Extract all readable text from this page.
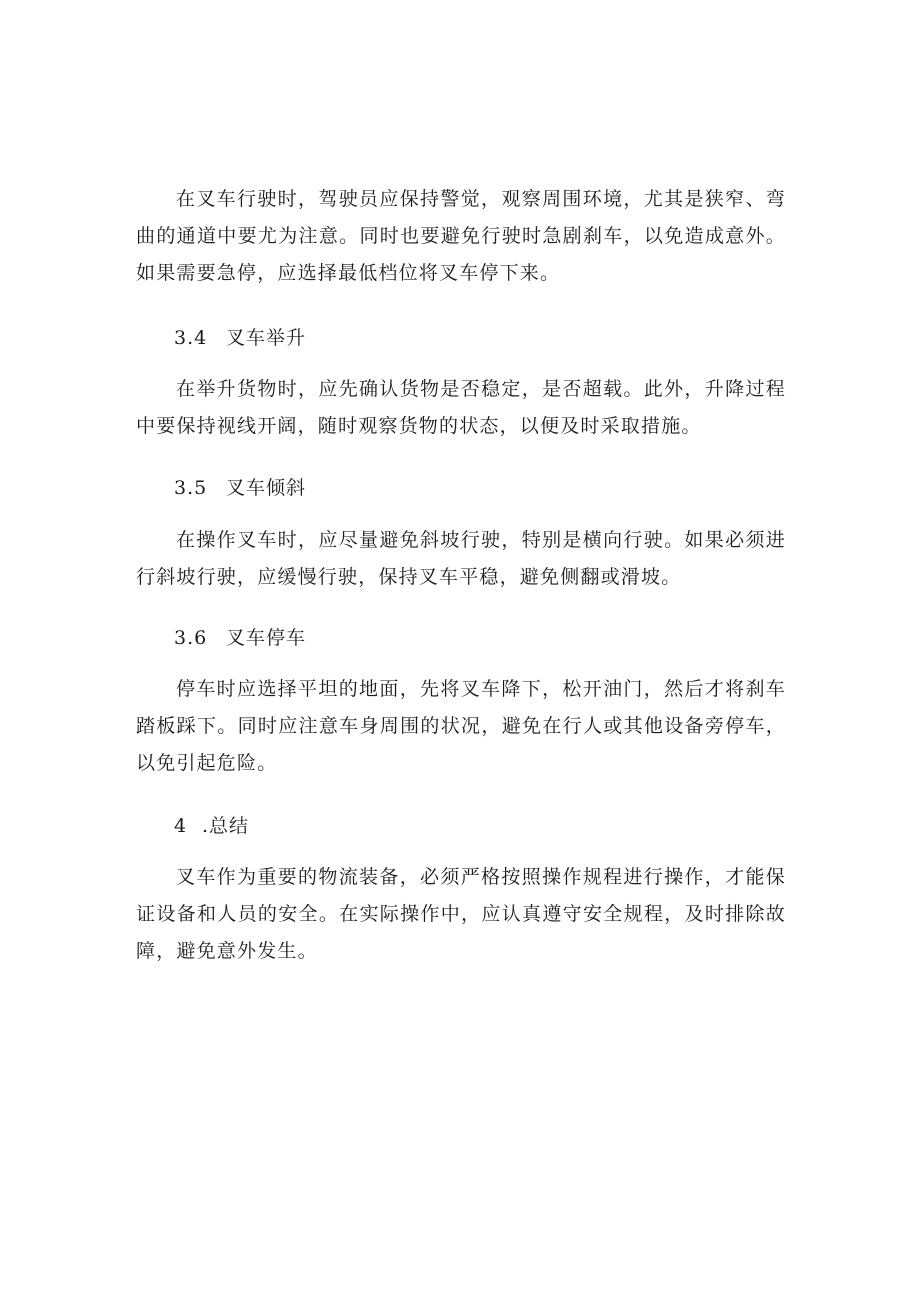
在叉车行驶时，驾驶员应保持警觉，观察周围环境，尤其是狭窄、弯曲的通道中要尤为注意。同时也要避免行驶时急剧刹车，以免造成意外。如果需要急停，应选择最低档位将叉车停下来。

3.4 叉车举升

在举升货物时，应先确认货物是否稳定，是否超载。此外，升降过程中要保持视线开阔，随时观察货物的状态，以便及时采取措施。

3.5 叉车倾斜

在操作叉车时，应尽量避免斜坡行驶，特别是横向行驶。如果必须进行斜坡行驶，应缓慢行驶，保持叉车平稳，避免侧翻或滑坡。

3.6 叉车停车

停车时应选择平坦的地面，先将叉车降下，松开油门，然后才将刹车踏板踩下。同时应注意车身周围的状况，避免在行人或其他设备旁停车，以免引起危险。

4 .总结

叉车作为重要的物流装备，必须严格按照操作规程进行操作，才能保证设备和人员的安全。在实际操作中，应认真遵守安全规程，及时排除故障，避免意外发生。
